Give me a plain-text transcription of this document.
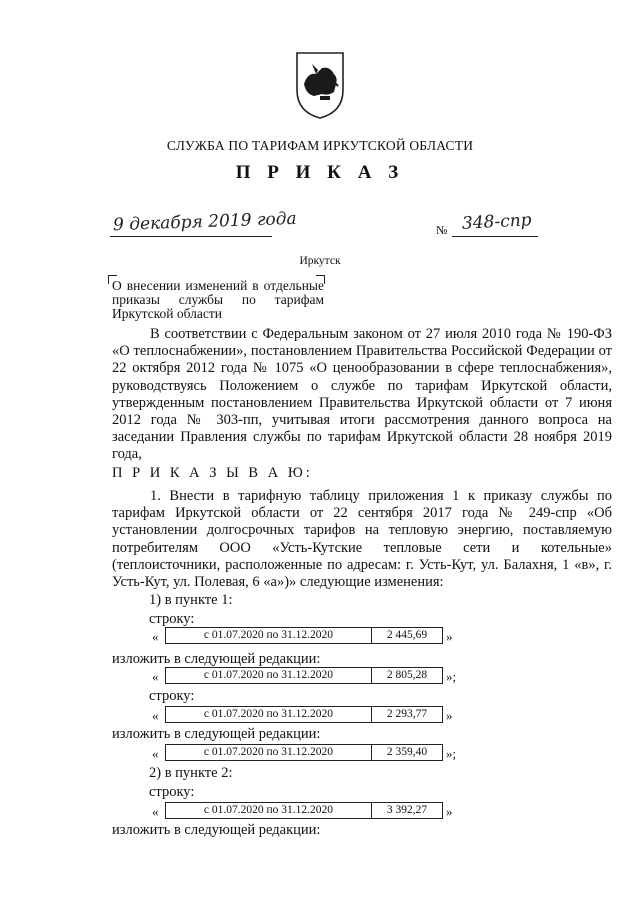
СЛУЖБА ПО ТАРИФАМ ИРКУТСКОЙ ОБЛАСТИ
П Р И К А З
9 декабря 2019 года	№ 348-спр
Иркутск
О внесении изменений в отдельные приказы службы по тарифам Иркутской области
В соответствии с Федеральным законом от 27 июля 2010 года № 190-ФЗ «О теплоснабжении», постановлением Правительства Российской Федерации от 22 октября 2012 года № 1075 «О ценообразовании в сфере теплоснабжения», руководствуясь Положением о службе по тарифам Иркутской области, утвержденным постановлением Правительства Иркутской области от 7 июня 2012 года № 303-пп, учитывая итоги рассмотрения данного вопроса на заседании Правления службы по тарифам Иркутской области 28 ноября 2019 года,
П Р И К А З Ы В А Ю:
1. Внести в тарифную таблицу приложения 1 к приказу службы по тарифам Иркутской области от 22 сентября 2017 года № 249-спр «Об установлении долгосрочных тарифов на тепловую энергию, поставляемую потребителям ООО «Усть-Кутские тепловые сети и котельные» (теплоисточники, расположенные по адресам: г. Усть-Кут, ул. Балахня, 1 «в», г. Усть-Кут, ул. Полевая, 6 «а»)» следующие изменения:
1) в пункте 1:
строку:
«	с 01.07.2020 по 31.12.2020	2 445,69	»
изложить в следующей редакции:
«	с 01.07.2020 по 31.12.2020	2 805,28	»;
строку:
«	с 01.07.2020 по 31.12.2020	2 293,77	»
изложить в следующей редакции:
«	с 01.07.2020 по 31.12.2020	2 359,40	»;
2) в пункте 2:
строку:
«	с 01.07.2020 по 31.12.2020	3 392,27	»
изложить в следующей редакции:
